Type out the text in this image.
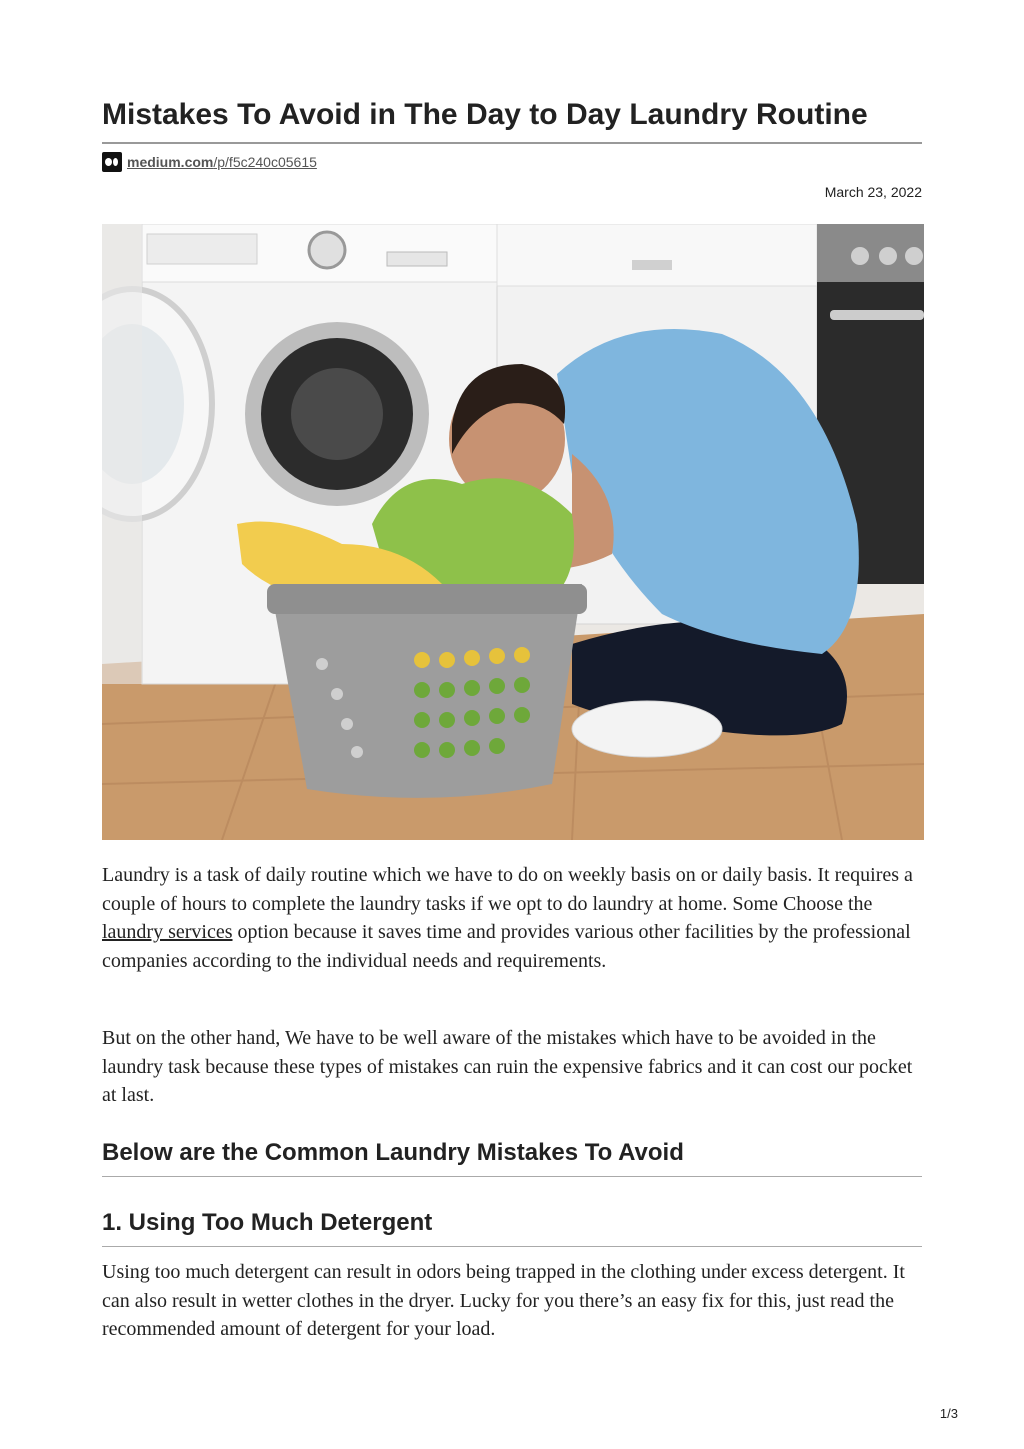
Mistakes To Avoid in The Day to Day Laundry Routine
medium.com/p/f5c240c05615
March 23, 2022

Laundry is a task of daily routine which we have to do on weekly basis on or daily basis. It requires a couple of hours to complete the laundry tasks if we opt to do laundry at home. Some Choose the laundry services option because it saves time and provides various other facilities by the professional companies according to the individual needs and requirements.

But on the other hand, We have to be well aware of the mistakes which have to be avoided in the laundry task because these types of mistakes can ruin the expensive fabrics and it can cost our pocket at last.

Below are the Common Laundry Mistakes To Avoid
1. Using Too Much Detergent

Using too much detergent can result in odors being trapped in the clothing under excess detergent. It can also result in wetter clothes in the dryer. Lucky for you there’s an easy fix for this, just read the recommended amount of detergent for your load.

1/3
